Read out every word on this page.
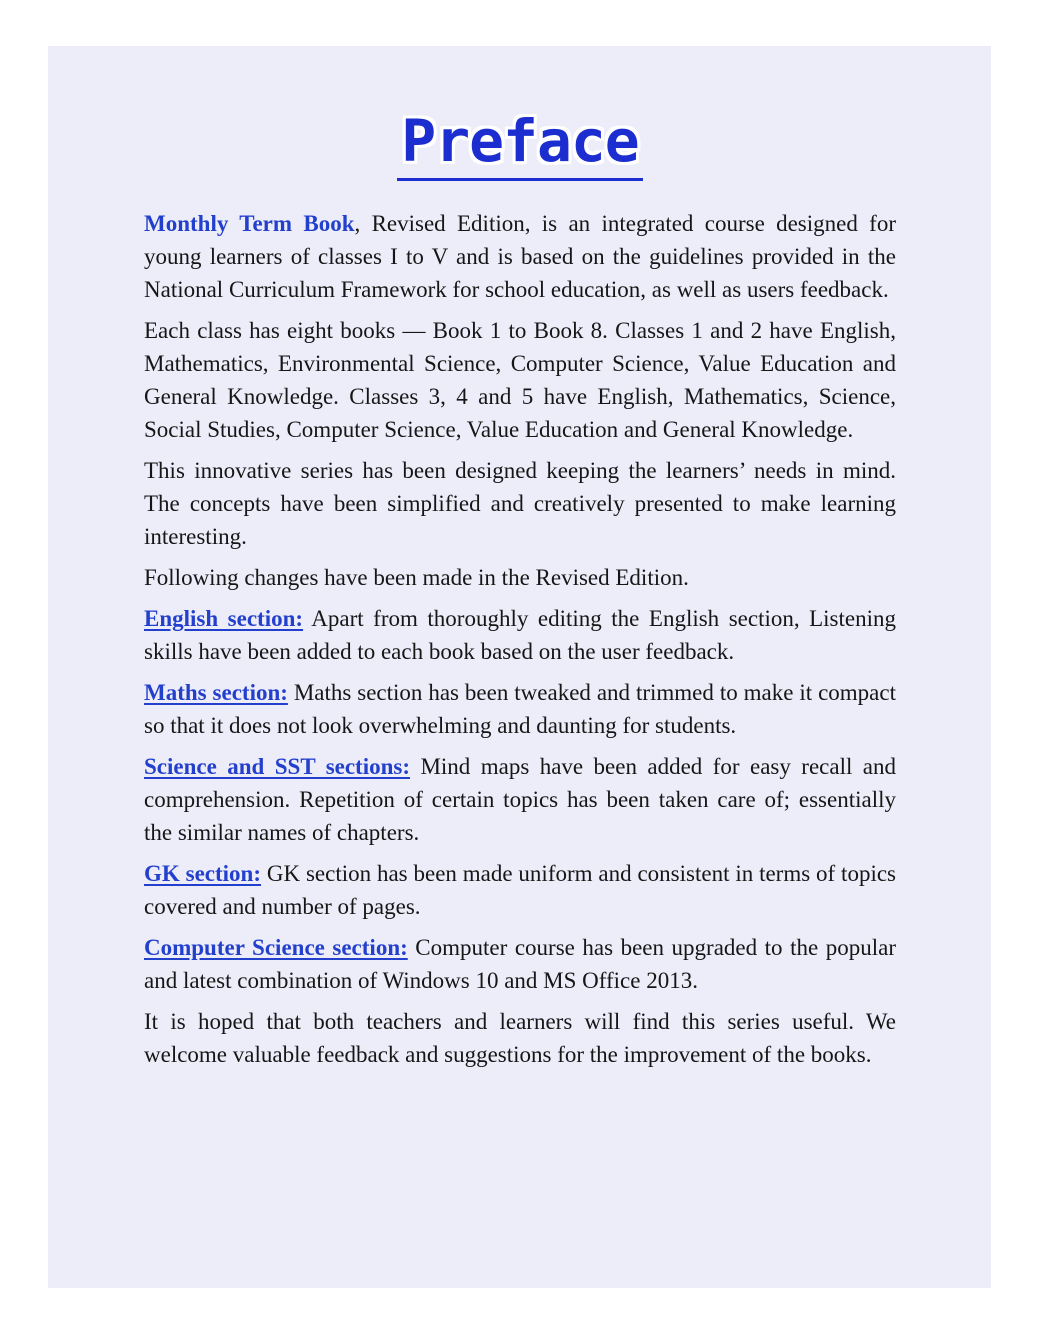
Preface

Monthly Term Book, Revised Edition, is an integrated course designed for young learners of classes I to V and is based on the guidelines provided in the National Curriculum Framework for school education, as well as users feedback.

Each class has eight books — Book 1 to Book 8. Classes 1 and 2 have English, Mathematics, Environmental Science, Computer Science, Value Education and General Knowledge. Classes 3, 4 and 5 have English, Mathematics, Science, Social Studies, Computer Science, Value Education and General Knowledge.

This innovative series has been designed keeping the learners’ needs in mind. The concepts have been simplified and creatively presented to make learning interesting.

Following changes have been made in the Revised Edition.

English section: Apart from thoroughly editing the English section, Listening skills have been added to each book based on the user feedback.

Maths section: Maths section has been tweaked and trimmed to make it compact so that it does not look overwhelming and daunting for students.

Science and SST sections: Mind maps have been added for easy recall and comprehension. Repetition of certain topics has been taken care of; essentially the similar names of chapters.

GK section: GK section has been made uniform and consistent in terms of topics covered and number of pages.

Computer Science section: Computer course has been upgraded to the popular and latest combination of Windows 10 and MS Office 2013.

It is hoped that both teachers and learners will find this series useful. We welcome valuable feedback and suggestions for the improvement of the books.
